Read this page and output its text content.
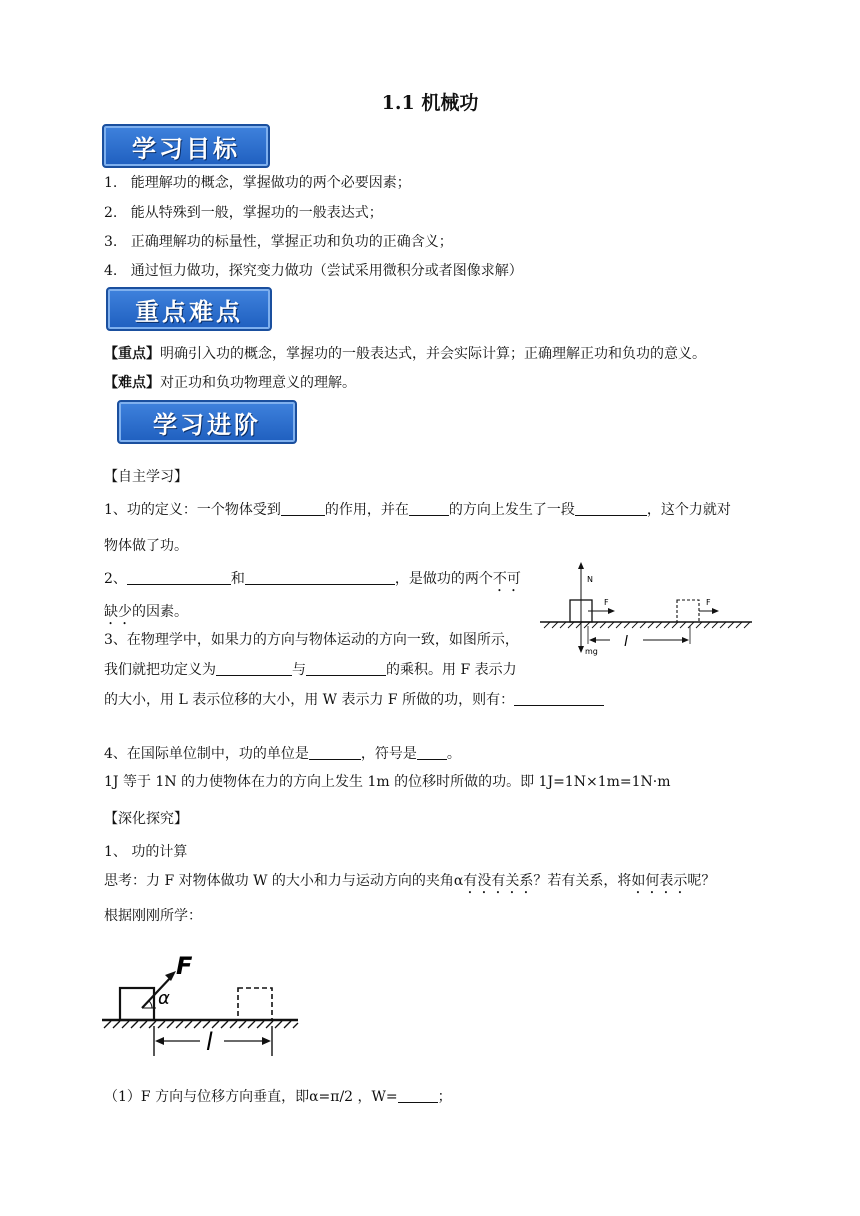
1.1 机械功
学习目标
1. 能理解功的概念，掌握做功的两个必要因素；
2. 能从特殊到一般，掌握功的一般表达式；
3. 正确理解功的标量性，掌握正功和负功的正确含义；
4. 通过恒力做功，探究变力做功（尝试采用微积分或者图像求解）
重点难点
【重点】明确引入功的概念，掌握功的一般表达式，并会实际计算；正确理解正功和负功的意义。
【难点】对正功和负功物理意义的理解。
学习进阶
【自主学习】
1、功的定义：一个物体受到	的作用，并在	的方向上发生了一段	，这个力就对
物体做了功。
2、	和	，是做功的两个不可
缺少的因素。
3、在物理学中，如果力的方向与物体运动的方向一致，如图所示，
我们就把功定义为	与	的乘积。用 F 表示力
的大小，用 L 表示位移的大小，用 W 表示力 F 所做的功，则有：
N
mg
F	F
l
4、在国际单位制中，功的单位是	，符号是 。
1J 等于 1N 的力使物体在力的方向上发生 1m 的位移时所做的功。即 1J=1N×1m=1N·m
【深化探究】
1、 功的计算
思考：力 F 对物体做功 W 的大小和力与运动方向的夹角α有没有关系？若有关系，将如何表示呢？
根据刚刚所学：
F
α
l
（1）F 方向与位移方向垂直，即α=π/2 ，W=	；
